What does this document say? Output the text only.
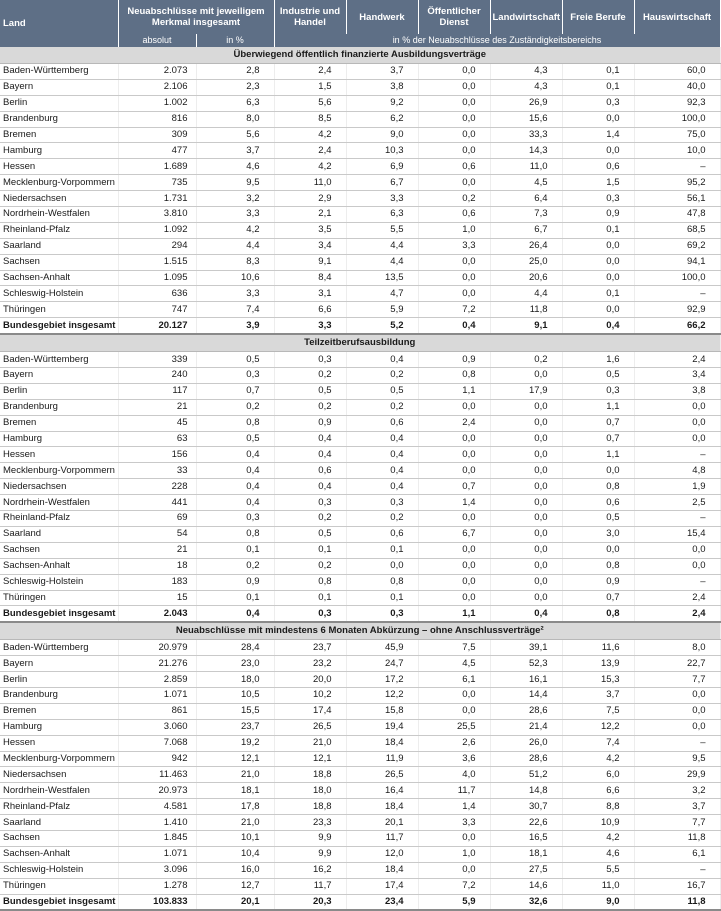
Land	Neuabschlüsse mit jeweiligem Merkmal insgesamt		Industrie und Handel	Handwerk	Öffentlicher Dienst	Landwirtschaft	Freie Berufe	Hauswirtschaft
	absolut	in %	in % der Neuabschlüsse des Zuständigkeitsbereichs					
Überwiegend öffentlich finanzierte Ausbildungsverträge								
Baden-Württemberg	2.073	2,8	2,4	3,7	0,0	4,3	0,1	60,0
Bayern	2.106	2,3	1,5	3,8	0,0	4,3	0,1	40,0
Berlin	1.002	6,3	5,6	9,2	0,0	26,9	0,3	92,3
Brandenburg	816	8,0	8,5	6,2	0,0	15,6	0,0	100,0
Bremen	309	5,6	4,2	9,0	0,0	33,3	1,4	75,0
Hamburg	477	3,7	2,4	10,3	0,0	14,3	0,0	10,0
Hessen	1.689	4,6	4,2	6,9	0,6	11,0	0,6	–
Mecklenburg-Vorpommern	735	9,5	11,0	6,7	0,0	4,5	1,5	95,2
Niedersachsen	1.731	3,2	2,9	3,3	0,2	6,4	0,3	56,1
Nordrhein-Westfalen	3.810	3,3	2,1	6,3	0,6	7,3	0,9	47,8
Rheinland-Pfalz	1.092	4,2	3,5	5,5	1,0	6,7	0,1	68,5
Saarland	294	4,4	3,4	4,4	3,3	26,4	0,0	69,2
Sachsen	1.515	8,3	9,1	4,4	0,0	25,0	0,0	94,1
Sachsen-Anhalt	1.095	10,6	8,4	13,5	0,0	20,6	0,0	100,0
Schleswig-Holstein	636	3,3	3,1	4,7	0,0	4,4	0,1	–
Thüringen	747	7,4	6,6	5,9	7,2	11,8	0,0	92,9
Bundesgebiet insgesamt	20.127	3,9	3,3	5,2	0,4	9,1	0,4	66,2
Teilzeitberufsausbildung								
Baden-Württemberg	339	0,5	0,3	0,4	0,9	0,2	1,6	2,4
Bayern	240	0,3	0,2	0,2	0,8	0,0	0,5	3,4
Berlin	117	0,7	0,5	0,5	1,1	17,9	0,3	3,8
Brandenburg	21	0,2	0,2	0,2	0,0	0,0	1,1	0,0
Bremen	45	0,8	0,9	0,6	2,4	0,0	0,7	0,0
Hamburg	63	0,5	0,4	0,4	0,0	0,0	0,7	0,0
Hessen	156	0,4	0,4	0,4	0,0	0,0	1,1	–
Mecklenburg-Vorpommern	33	0,4	0,6	0,4	0,0	0,0	0,0	4,8
Niedersachsen	228	0,4	0,4	0,4	0,7	0,0	0,8	1,9
Nordrhein-Westfalen	441	0,4	0,3	0,3	1,4	0,0	0,6	2,5
Rheinland-Pfalz	69	0,3	0,2	0,2	0,0	0,0	0,5	–
Saarland	54	0,8	0,5	0,6	6,7	0,0	3,0	15,4
Sachsen	21	0,1	0,1	0,1	0,0	0,0	0,0	0,0
Sachsen-Anhalt	18	0,2	0,2	0,0	0,0	0,0	0,8	0,0
Schleswig-Holstein	183	0,9	0,8	0,8	0,0	0,0	0,9	–
Thüringen	15	0,1	0,1	0,1	0,0	0,0	0,7	2,4
Bundesgebiet insgesamt	2.043	0,4	0,3	0,3	1,1	0,4	0,8	2,4
Neuabschlüsse mit mindestens 6 Monaten Abkürzung – ohne Anschlussverträge²								
Baden-Württemberg	20.979	28,4	23,7	45,9	7,5	39,1	11,6	8,0
Bayern	21.276	23,0	23,2	24,7	4,5	52,3	13,9	22,7
Berlin	2.859	18,0	20,0	17,2	6,1	16,1	15,3	7,7
Brandenburg	1.071	10,5	10,2	12,2	0,0	14,4	3,7	0,0
Bremen	861	15,5	17,4	15,8	0,0	28,6	7,5	0,0
Hamburg	3.060	23,7	26,5	19,4	25,5	21,4	12,2	0,0
Hessen	7.068	19,2	21,0	18,4	2,6	26,0	7,4	–
Mecklenburg-Vorpommern	942	12,1	12,1	11,9	3,6	28,6	4,2	9,5
Niedersachsen	11.463	21,0	18,8	26,5	4,0	51,2	6,0	29,9
Nordrhein-Westfalen	20.973	18,1	18,0	16,4	11,7	14,8	6,6	3,2
Rheinland-Pfalz	4.581	17,8	18,8	18,4	1,4	30,7	8,8	3,7
Saarland	1.410	21,0	23,3	20,1	3,3	22,6	10,9	7,7
Sachsen	1.845	10,1	9,9	11,7	0,0	16,5	4,2	11,8
Sachsen-Anhalt	1.071	10,4	9,9	12,0	1,0	18,1	4,6	6,1
Schleswig-Holstein	3.096	16,0	16,2	18,4	0,0	27,5	5,5	–
Thüringen	1.278	12,7	11,7	17,4	7,2	14,6	11,0	16,7
Bundesgebiet insgesamt	103.833	20,1	20,3	23,4	5,9	32,6	9,0	11,8
